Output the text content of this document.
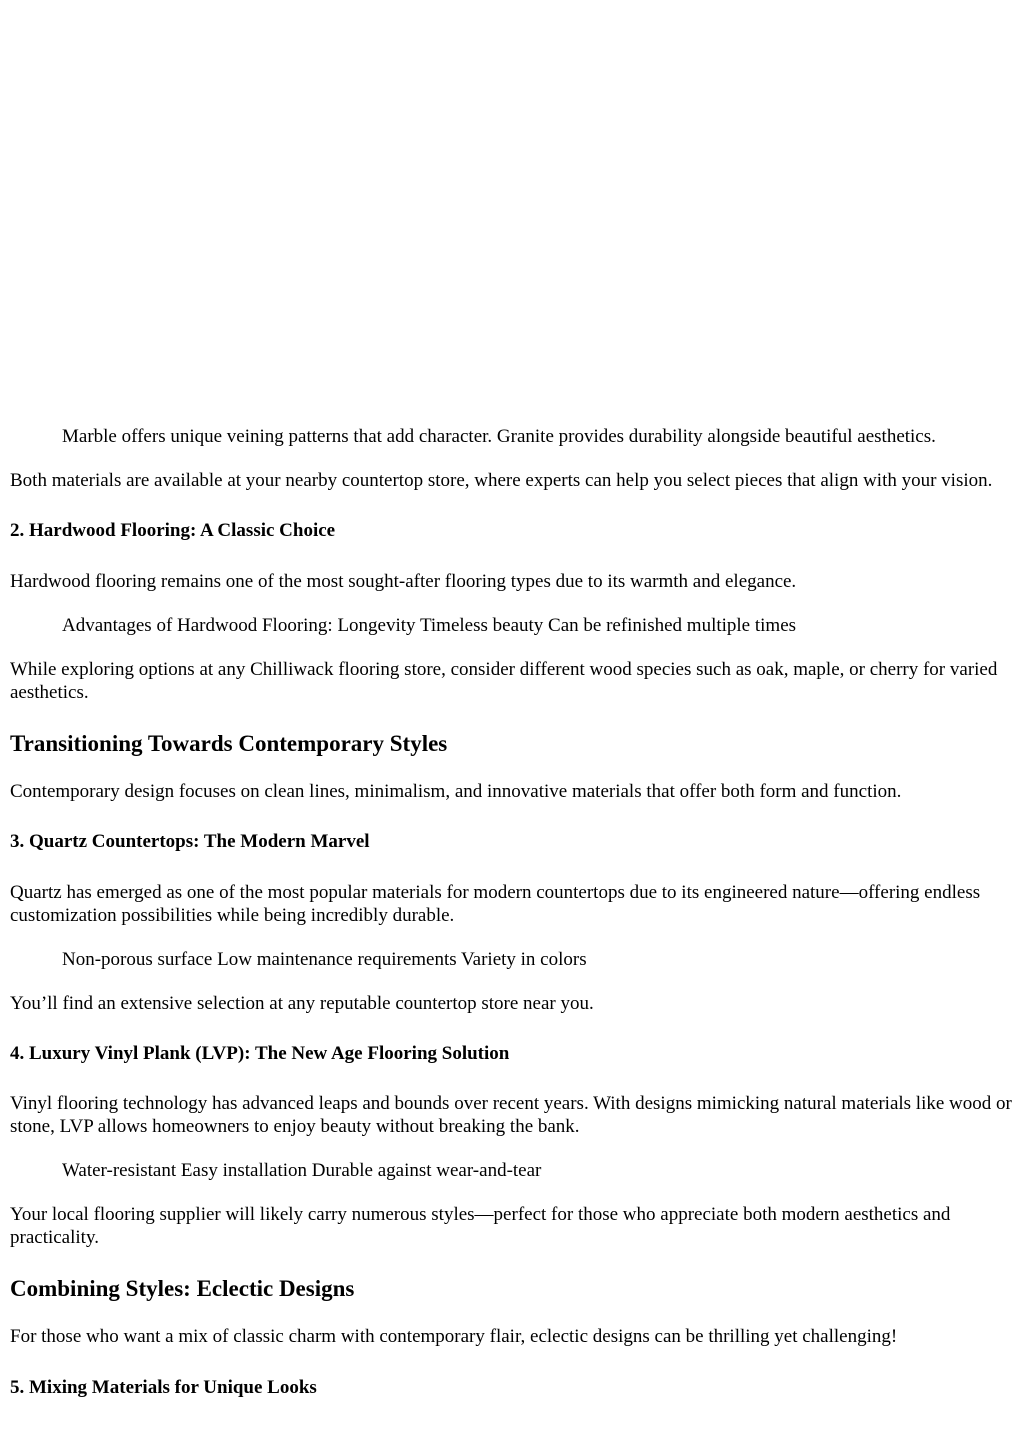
Marble offers unique veining patterns that add character. Granite provides durability alongside beautiful aesthetics.

Both materials are available at your nearby countertop store, where experts can help you select pieces that align with your vision.

2. Hardwood Flooring: A Classic Choice

Hardwood flooring remains one of the most sought-after flooring types due to its warmth and elegance.

Advantages of Hardwood Flooring: Longevity Timeless beauty Can be refinished multiple times

While exploring options at any Chilliwack flooring store, consider different wood species such as oak, maple, or cherry for varied aesthetics.

Transitioning Towards Contemporary Styles

Contemporary design focuses on clean lines, minimalism, and innovative materials that offer both form and function.

3. Quartz Countertops: The Modern Marvel

Quartz has emerged as one of the most popular materials for modern countertops due to its engineered nature—offering endless customization possibilities while being incredibly durable.

Non-porous surface Low maintenance requirements Variety in colors

You’ll find an extensive selection at any reputable countertop store near you.

4. Luxury Vinyl Plank (LVP): The New Age Flooring Solution

Vinyl flooring technology has advanced leaps and bounds over recent years. With designs mimicking natural materials like wood or stone, LVP allows homeowners to enjoy beauty without breaking the bank.

Water-resistant Easy installation Durable against wear-and-tear

Your local flooring supplier will likely carry numerous styles—perfect for those who appreciate both modern aesthetics and practicality.

Combining Styles: Eclectic Designs

For those who want a mix of classic charm with contemporary flair, eclectic designs can be thrilling yet challenging!

5. Mixing Materials for Unique Looks
